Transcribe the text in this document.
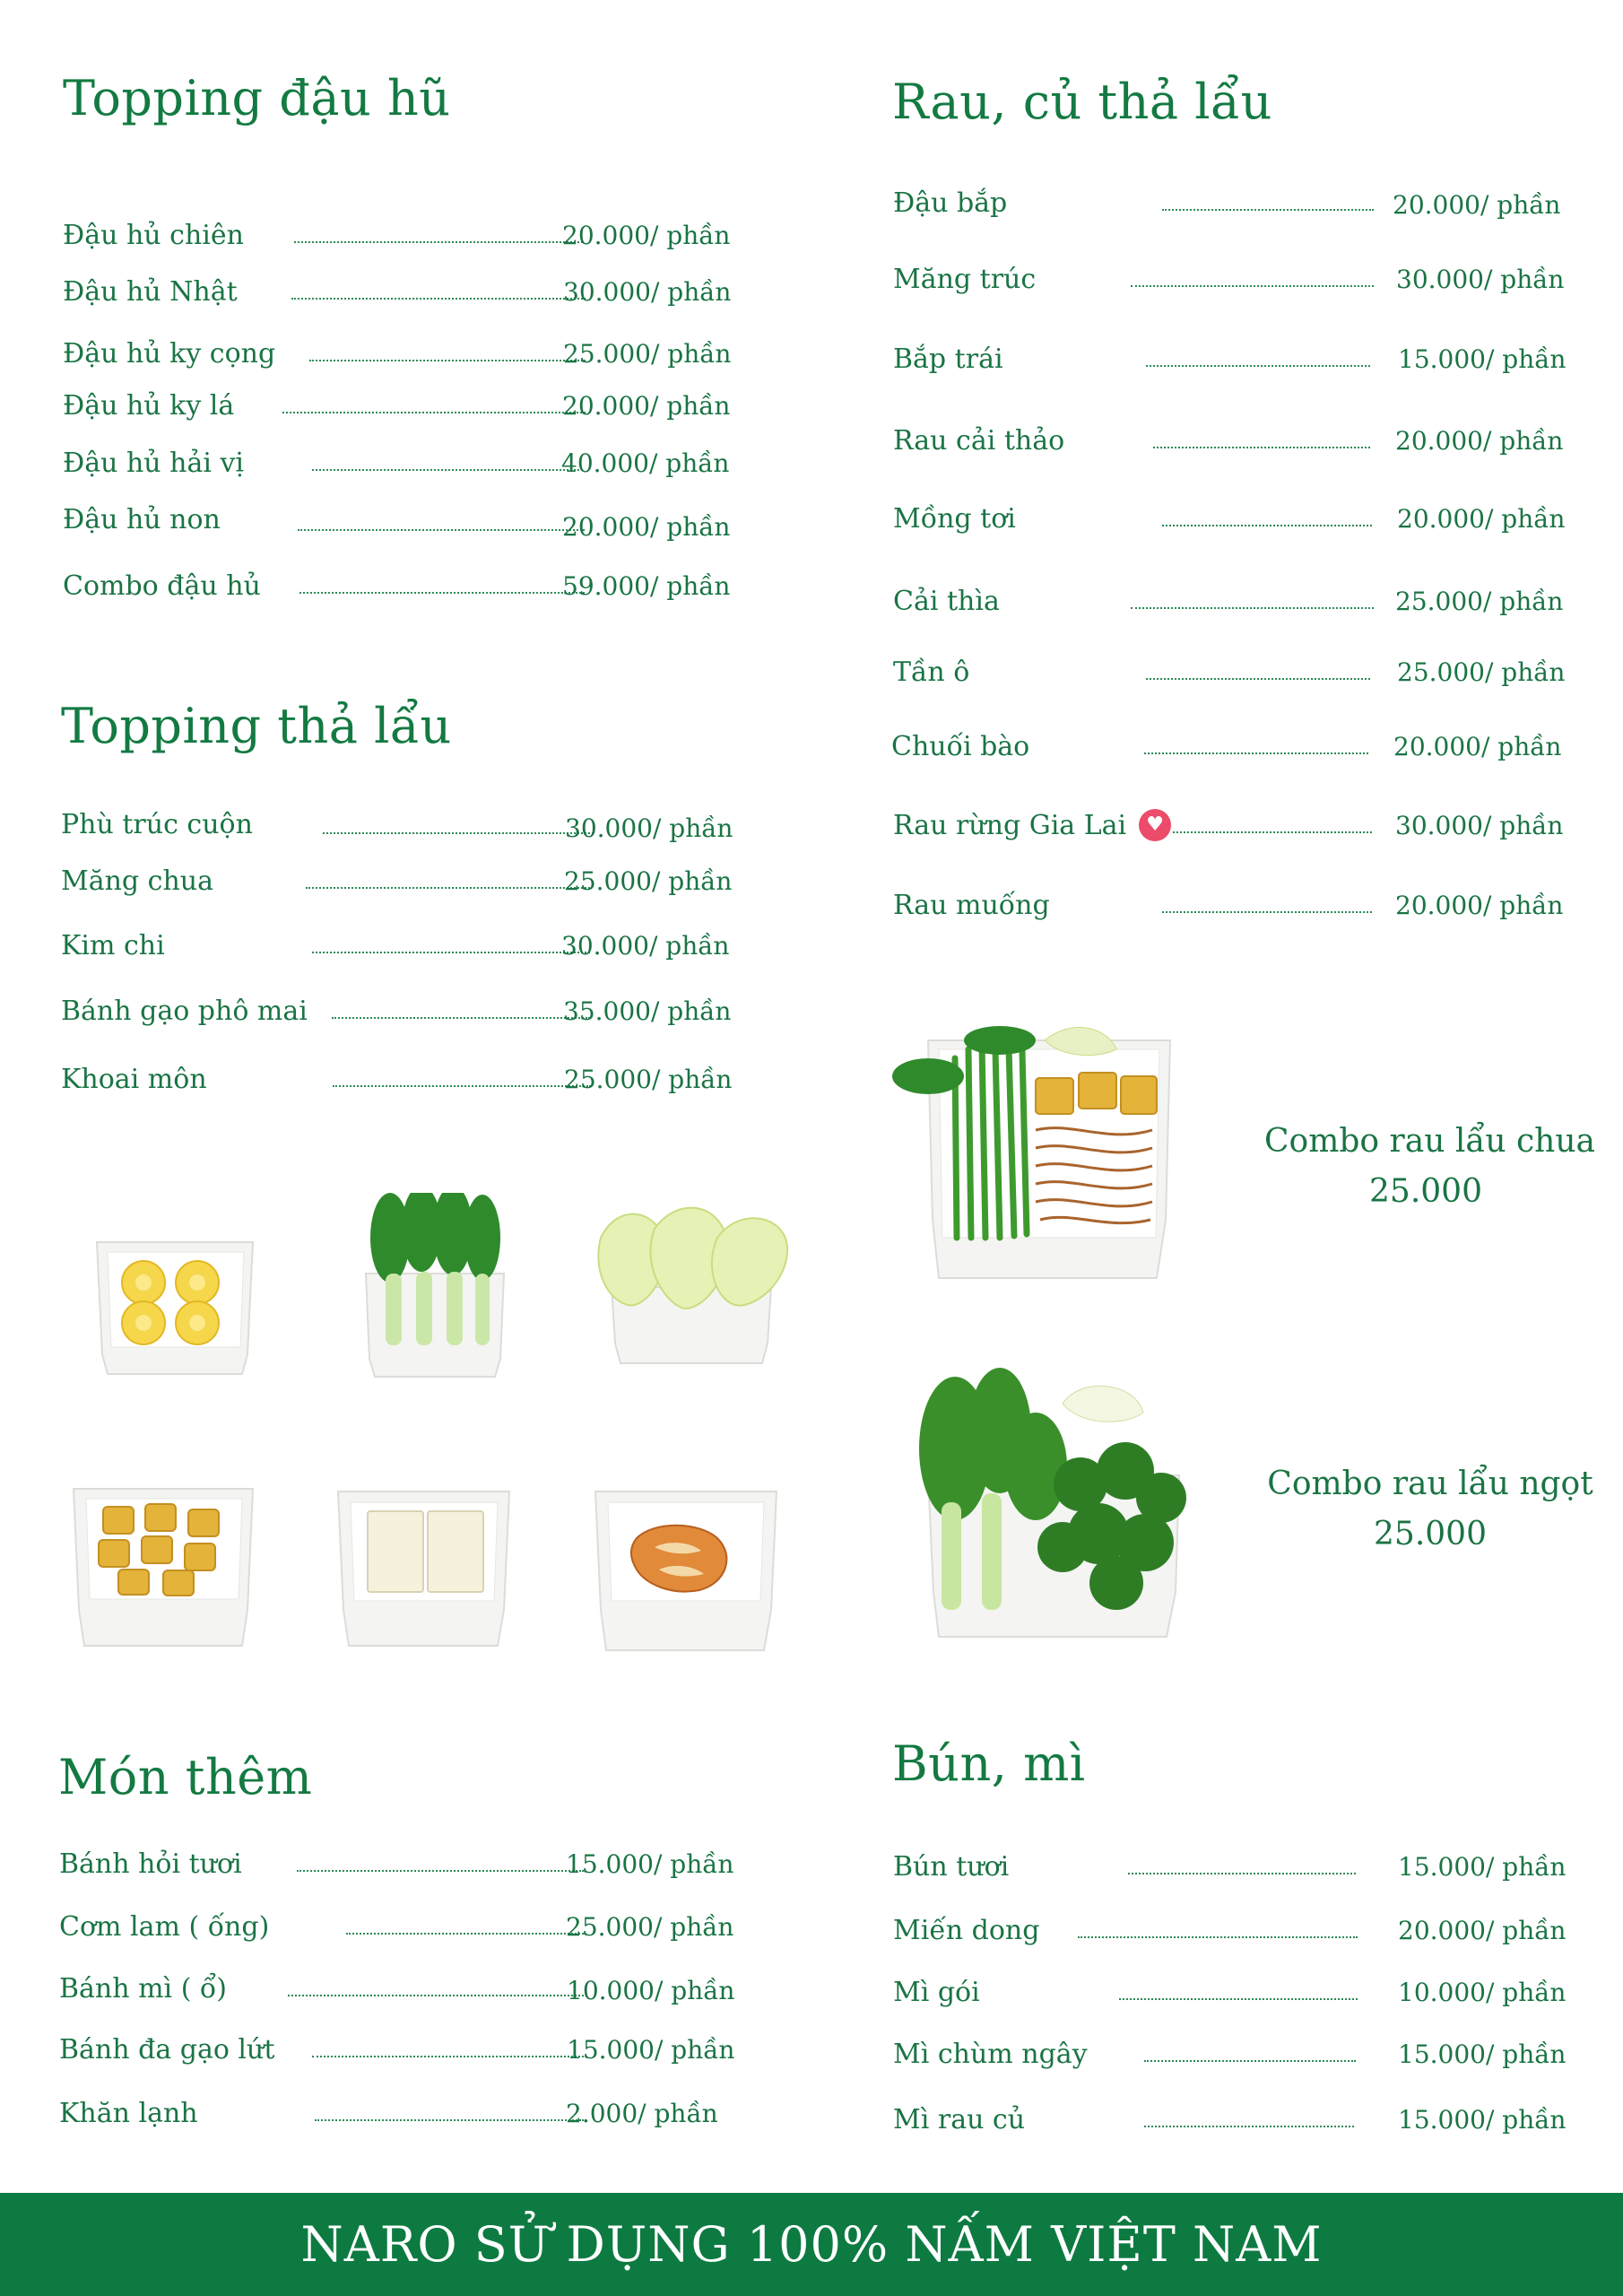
Topping đậu hũ
Đậu hủ chiên	20.000/ phần
Đậu hủ Nhật	30.000/ phần
Đậu hủ ky cọng	25.000/ phần
Đậu hủ ky lá	20.000/ phần
Đậu hủ hải vị	40.000/ phần
Đậu hủ non	20.000/ phần
Combo đậu hủ	59.000/ phần
Topping thả lẩu
Phù trúc cuộn	30.000/ phần
Măng chua	25.000/ phần
Kim chi	30.000/ phần
Bánh gạo phô mai	35.000/ phần
Khoai môn	25.000/ phần
Rau, củ thả lẩu
Đậu bắp	20.000/ phần
Măng trúc	30.000/ phần
Bắp trái	15.000/ phần
Rau cải thảo	20.000/ phần
Mồng tơi	20.000/ phần
Cải thìa	25.000/ phần
Tần ô	25.000/ phần
Chuối bào	20.000/ phần
Rau rừng Gia Lai ♥	30.000/ phần
Rau muống	20.000/ phần
Combo rau lẩu chua
25.000
Combo rau lẩu ngọt
25.000
Món thêm
Bánh hỏi tươi	15.000/ phần
Cơm lam ( ống)	25.000/ phần
Bánh mì ( ổ)	10.000/ phần
Bánh đa gạo lứt	15.000/ phần
Khăn lạnh	2.000/ phần
Bún, mì
Bún tươi	15.000/ phần
Miến dong	20.000/ phần
Mì gói	10.000/ phần
Mì chùm ngây	15.000/ phần
Mì rau củ	15.000/ phần
NARO SỬ DỤNG 100% NẤM VIỆT NAM
